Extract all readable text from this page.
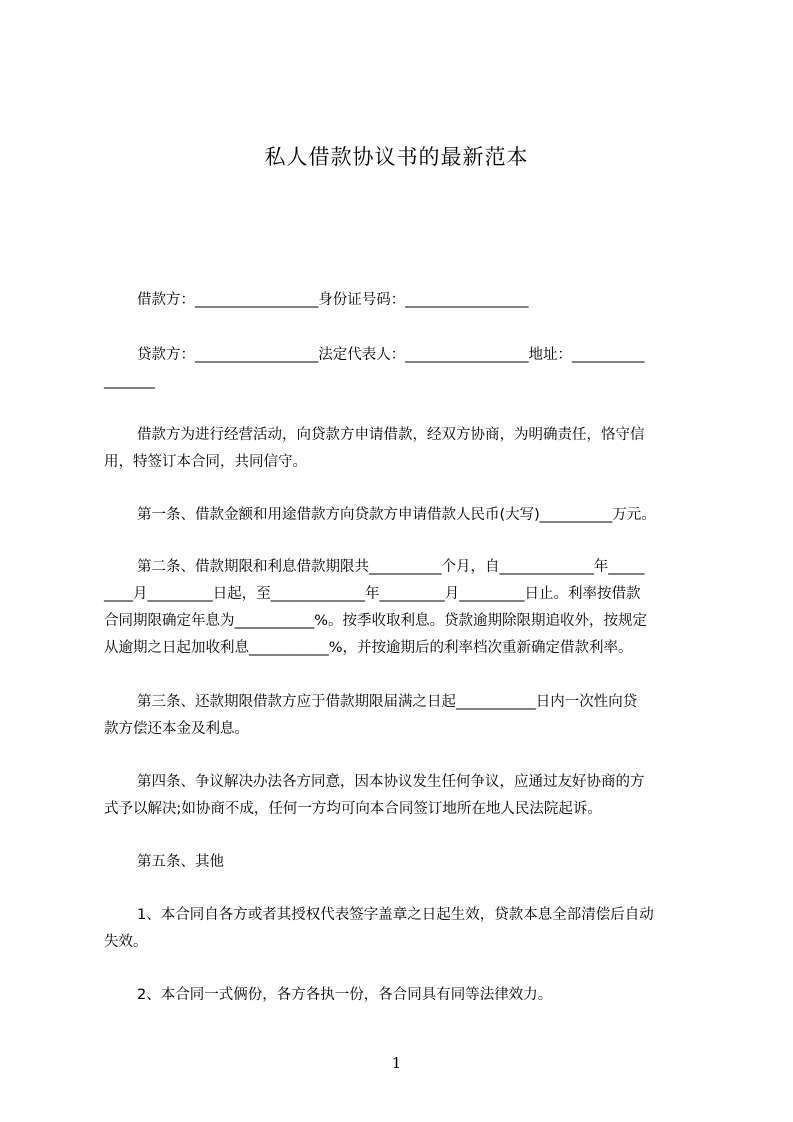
私人借款协议书的最新范本
借款方：_________________身份证号码：_________________
贷款方：_________________法定代表人：_________________地址：__________
_______
借款方为进行经营活动，向贷款方申请借款，经双方协商，为明确责任，恪守信
用，特签订本合同，共同信守。
第一条、借款金额和用途借款方向贷款方申请借款人民币(大写)__________万元。
第二条、借款期限和利息借款期限共__________个月，自_____________年_____
____月_________日起，至_____________年_________月_________日止。利率按借款
合同期限确定年息为___________%。按季收取利息。贷款逾期除限期追收外，按规定
从逾期之日起加收利息___________%，并按逾期后的利率档次重新确定借款利率。
第三条、还款期限借款方应于借款期限届满之日起___________日内一次性向贷
款方偿还本金及利息。
第四条、争议解决办法各方同意，因本协议发生任何争议，应通过友好协商的方
式予以解决;如协商不成，任何一方均可向本合同签订地所在地人民法院起诉。
第五条、其他
1、本合同自各方或者其授权代表签字盖章之日起生效，贷款本息全部清偿后自动
失效。
2、本合同一式俩份，各方各执一份，各合同具有同等法律效力。
1
